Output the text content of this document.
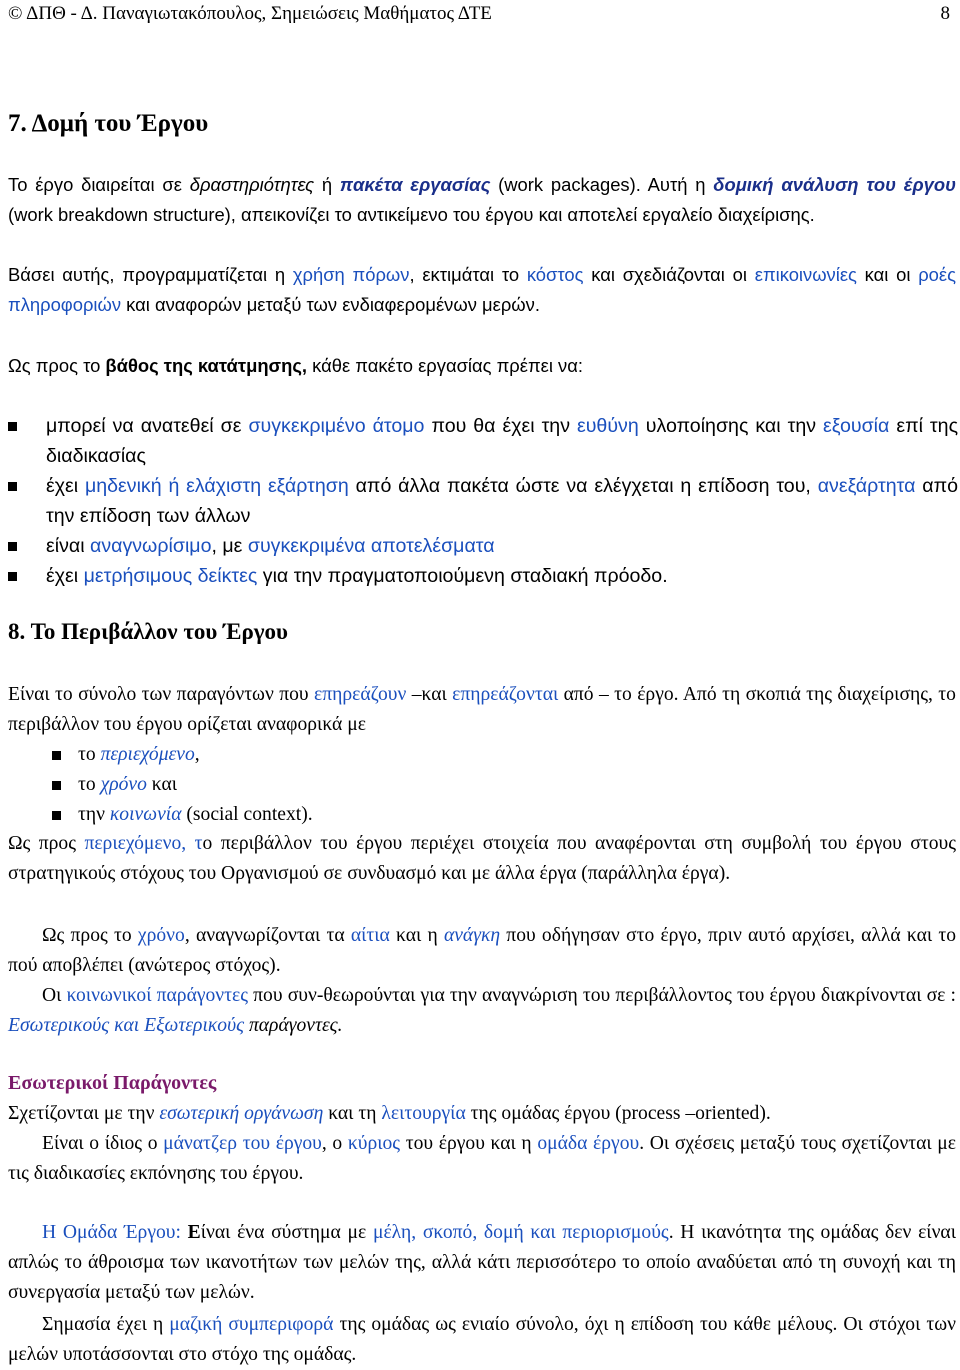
© ΔΠΘ - Δ. Παναγιωτακόπουλος, Σημειώσεις Μαθήματος ΔΤΕ	8
7. Δομή του Έργου
Το έργο διαιρείται σε δραστηριότητες ή πακέτα εργασίας (work packages). Αυτή η δομική ανάλυση του έργου (work breakdown structure), απεικονίζει το αντικείμενο του έργου και αποτελεί εργαλείο διαχείρισης.
Βάσει αυτής, προγραμματίζεται η χρήση πόρων, εκτιμάται το κόστος και σχεδιάζονται οι επικοινωνίες και οι ροές πληροφοριών και αναφορών μεταξύ των ενδιαφερομένων μερών.
Ως προς το βάθος της κατάτμησης, κάθε πακέτο εργασίας πρέπει να:
μπορεί να ανατεθεί σε συγκεκριμένο άτομο που θα έχει την ευθύνη υλοποίησης και την εξουσία επί της διαδικασίας
έχει μηδενική ή ελάχιστη εξάρτηση από άλλα πακέτα ώστε να ελέγχεται η επίδοση του, ανεξάρτητα από την επίδοση των άλλων
είναι αναγνωρίσιμο, με συγκεκριμένα αποτελέσματα
έχει μετρήσιμους δείκτες για την πραγματοποιούμενη σταδιακή πρόοδο.
8. Το Περιβάλλον του Έργου
Είναι το σύνολο των παραγόντων που επηρεάζουν –και επηρεάζονται από – το έργο. Από τη σκοπιά της διαχείρισης, το περιβάλλον του έργου ορίζεται αναφορικά με
το περιεχόμενο,
το χρόνο και
την κοινωνία (social context).
Ως προς περιεχόμενο, το περιβάλλον του έργου περιέχει στοιχεία που αναφέρονται στη συμβολή του έργου στους στρατηγικούς στόχους του Οργανισμού σε συνδυασμό και με άλλα έργα (παράλληλα έργα).
Ως προς το χρόνο, αναγνωρίζονται τα αίτια και η ανάγκη που οδήγησαν στο έργο, πριν αυτό αρχίσει, αλλά και το πού αποβλέπει (ανώτερος στόχος).
Οι κοινωνικοί παράγοντες που συν-θεωρούνται για την αναγνώριση του περιβάλλοντος του έργου διακρίνονται σε : Εσωτερικούς και Εξωτερικούς παράγοντες.
Εσωτερικοί Παράγοντες
Σχετίζονται με την εσωτερική οργάνωση και τη λειτουργία της ομάδας έργου (process –oriented).
Είναι ο ίδιος ο μάνατζερ του έργου, ο κύριος του έργου και η ομάδα έργου. Οι σχέσεις μεταξύ τους σχετίζονται με τις διαδικασίες εκπόνησης του έργου.
Η Ομάδα Έργου: Είναι ένα σύστημα με μέλη, σκοπό, δομή και περιορισμούς. Η ικανότητα της ομάδας δεν είναι απλώς το άθροισμα των ικανοτήτων των μελών της, αλλά κάτι περισσότερο το οποίο αναδύεται από τη συνοχή και τη συνεργασία μεταξύ των μελών.
Σημασία έχει η μαζική συμπεριφορά της ομάδας ως ενιαίο σύνολο, όχι η επίδοση του κάθε μέλους. Οι στόχοι των μελών υποτάσσονται στο στόχο της ομάδας.
